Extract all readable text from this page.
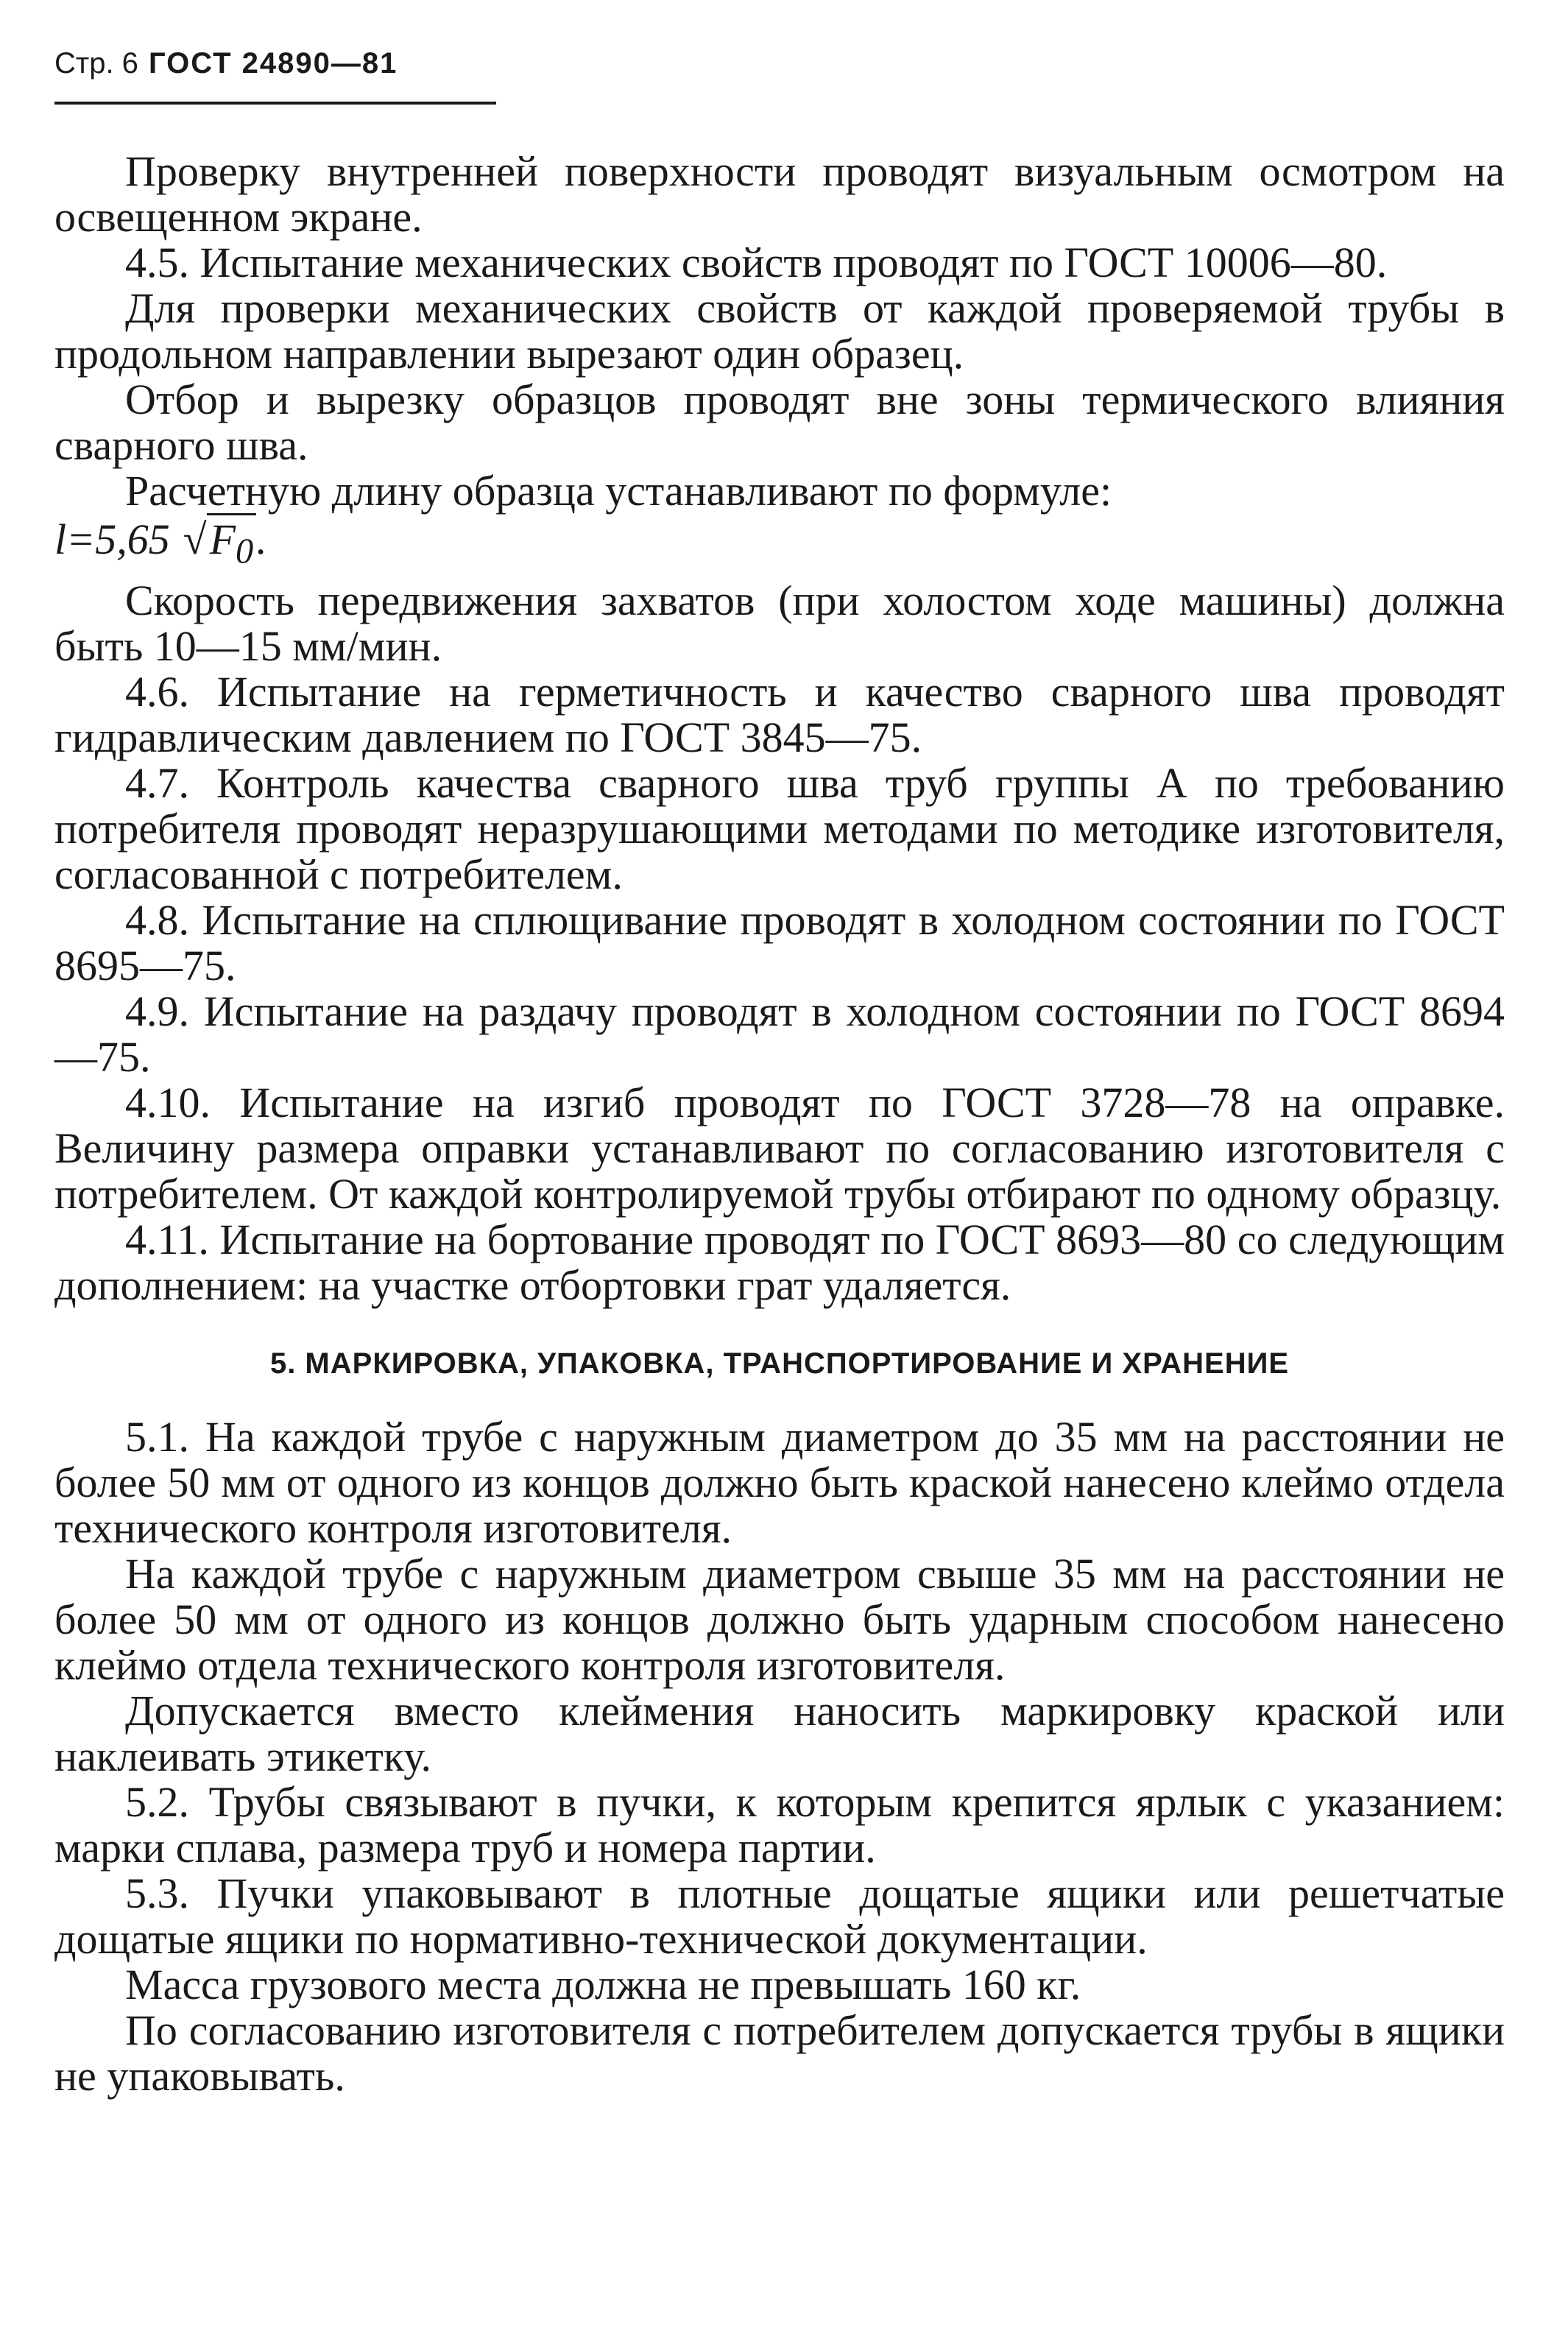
Стр. 6 ГОСТ 24890—81

Проверку внутренней поверхности проводят визуальным осмотром на освещенном экране.

4.5. Испытание механических свойств проводят по ГОСТ 10006—80.

Для проверки механических свойств от каждой проверяемой трубы в продольном направлении вырезают один образец.

Отбор и вырезку образцов проводят вне зоны термического влияния сварного шва.

Расчетную длину образца устанавливают по формуле:

l=5,65 $√F_0$.

Скорость передвижения захватов (при холостом ходе машины) должна быть 10—15 мм/мин.

4.6. Испытание на герметичность и качество сварного шва проводят гидравлическим давлением по ГОСТ 3845—75.

4.7. Контроль качества сварного шва труб группы А по требованию потребителя проводят неразрушающими методами по методике изготовителя, согласованной с потребителем.

4.8. Испытание на сплющивание проводят в холодном состоянии по ГОСТ 8695—75.

4.9. Испытание на раздачу проводят в холодном состоянии по ГОСТ 8694—75.

4.10. Испытание на изгиб проводят по ГОСТ 3728—78 на оправке. Величину размера оправки устанавливают по согласованию изготовителя с потребителем. От каждой контролируемой трубы отбирают по одному образцу.

4.11. Испытание на бортование проводят по ГОСТ 8693—80 со следующим дополнением: на участке отбортовки грат удаляется.

5. МАРКИРОВКА, УПАКОВКА, ТРАНСПОРТИРОВАНИЕ И ХРАНЕНИЕ

5.1. На каждой трубе с наружным диаметром до 35 мм на расстоянии не более 50 мм от одного из концов должно быть краской нанесено клеймо отдела технического контроля изготовителя.

На каждой трубе с наружным диаметром свыше 35 мм на расстоянии не более 50 мм от одного из концов должно быть ударным способом нанесено клеймо отдела технического контроля изготовителя.

Допускается вместо клеймения наносить маркировку краской или наклеивать этикетку.

5.2. Трубы связывают в пучки, к которым крепится ярлык с указанием: марки сплава, размера труб и номера партии.

5.3. Пучки упаковывают в плотные дощатые ящики или решетчатые дощатые ящики по нормативно-технической документации.

Масса грузового места должна не превышать 160 кг.

По согласованию изготовителя с потребителем допускается трубы в ящики не упаковывать.
